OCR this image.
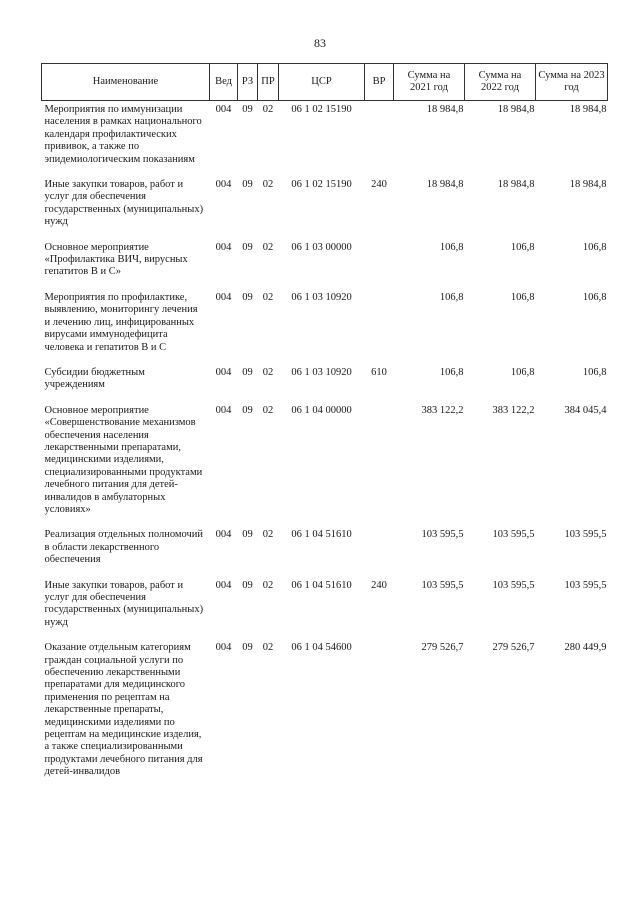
83
Наименование	Вед	РЗ	ПР	ЦСР	ВР	Сумма на 2021 год	Сумма на 2022 год	Сумма на 2023 год
Мероприятия по иммунизации населения в рамках национального календаря профилактических прививок, а также по эпидемиологическим показаниям	004	09	02	06 1 02 15190		18 984,8	18 984,8	18 984,8
Иные закупки товаров, работ и услуг для обеспечения государственных (муниципальных) нужд	004	09	02	06 1 02 15190	240	18 984,8	18 984,8	18 984,8
Основное мероприятие «Профилактика ВИЧ, вирусных гепатитов В и С»	004	09	02	06 1 03 00000		106,8	106,8	106,8
Мероприятия по профилактике, выявлению, мониторингу лечения и лечению лиц, инфицированных вирусами иммунодефицита человека и гепатитов В и С	004	09	02	06 1 03 10920		106,8	106,8	106,8
Субсидии бюджетным учреждениям	004	09	02	06 1 03 10920	610	106,8	106,8	106,8
Основное мероприятие «Совершенствование механизмов обеспечения населения лекарственными препаратами, медицинскими изделиями, специализированными продуктами лечебного питания для детей-инвалидов в амбулаторных условиях»	004	09	02	06 1 04 00000		383 122,2	383 122,2	384 045,4
Реализация отдельных полномочий в области лекарственного обеспечения	004	09	02	06 1 04 51610		103 595,5	103 595,5	103 595,5
Иные закупки товаров, работ и услуг для обеспечения государственных (муниципальных) нужд	004	09	02	06 1 04 51610	240	103 595,5	103 595,5	103 595,5
Оказание отдельным категориям граждан социальной услуги по обеспечению лекарственными препаратами для медицинского применения по рецептам на лекарственные препараты, медицинскими изделиями по рецептам на медицинские изделия, а также специализированными продуктами лечебного питания для детей-инвалидов	004	09	02	06 1 04 54600		279 526,7	279 526,7	280 449,9
